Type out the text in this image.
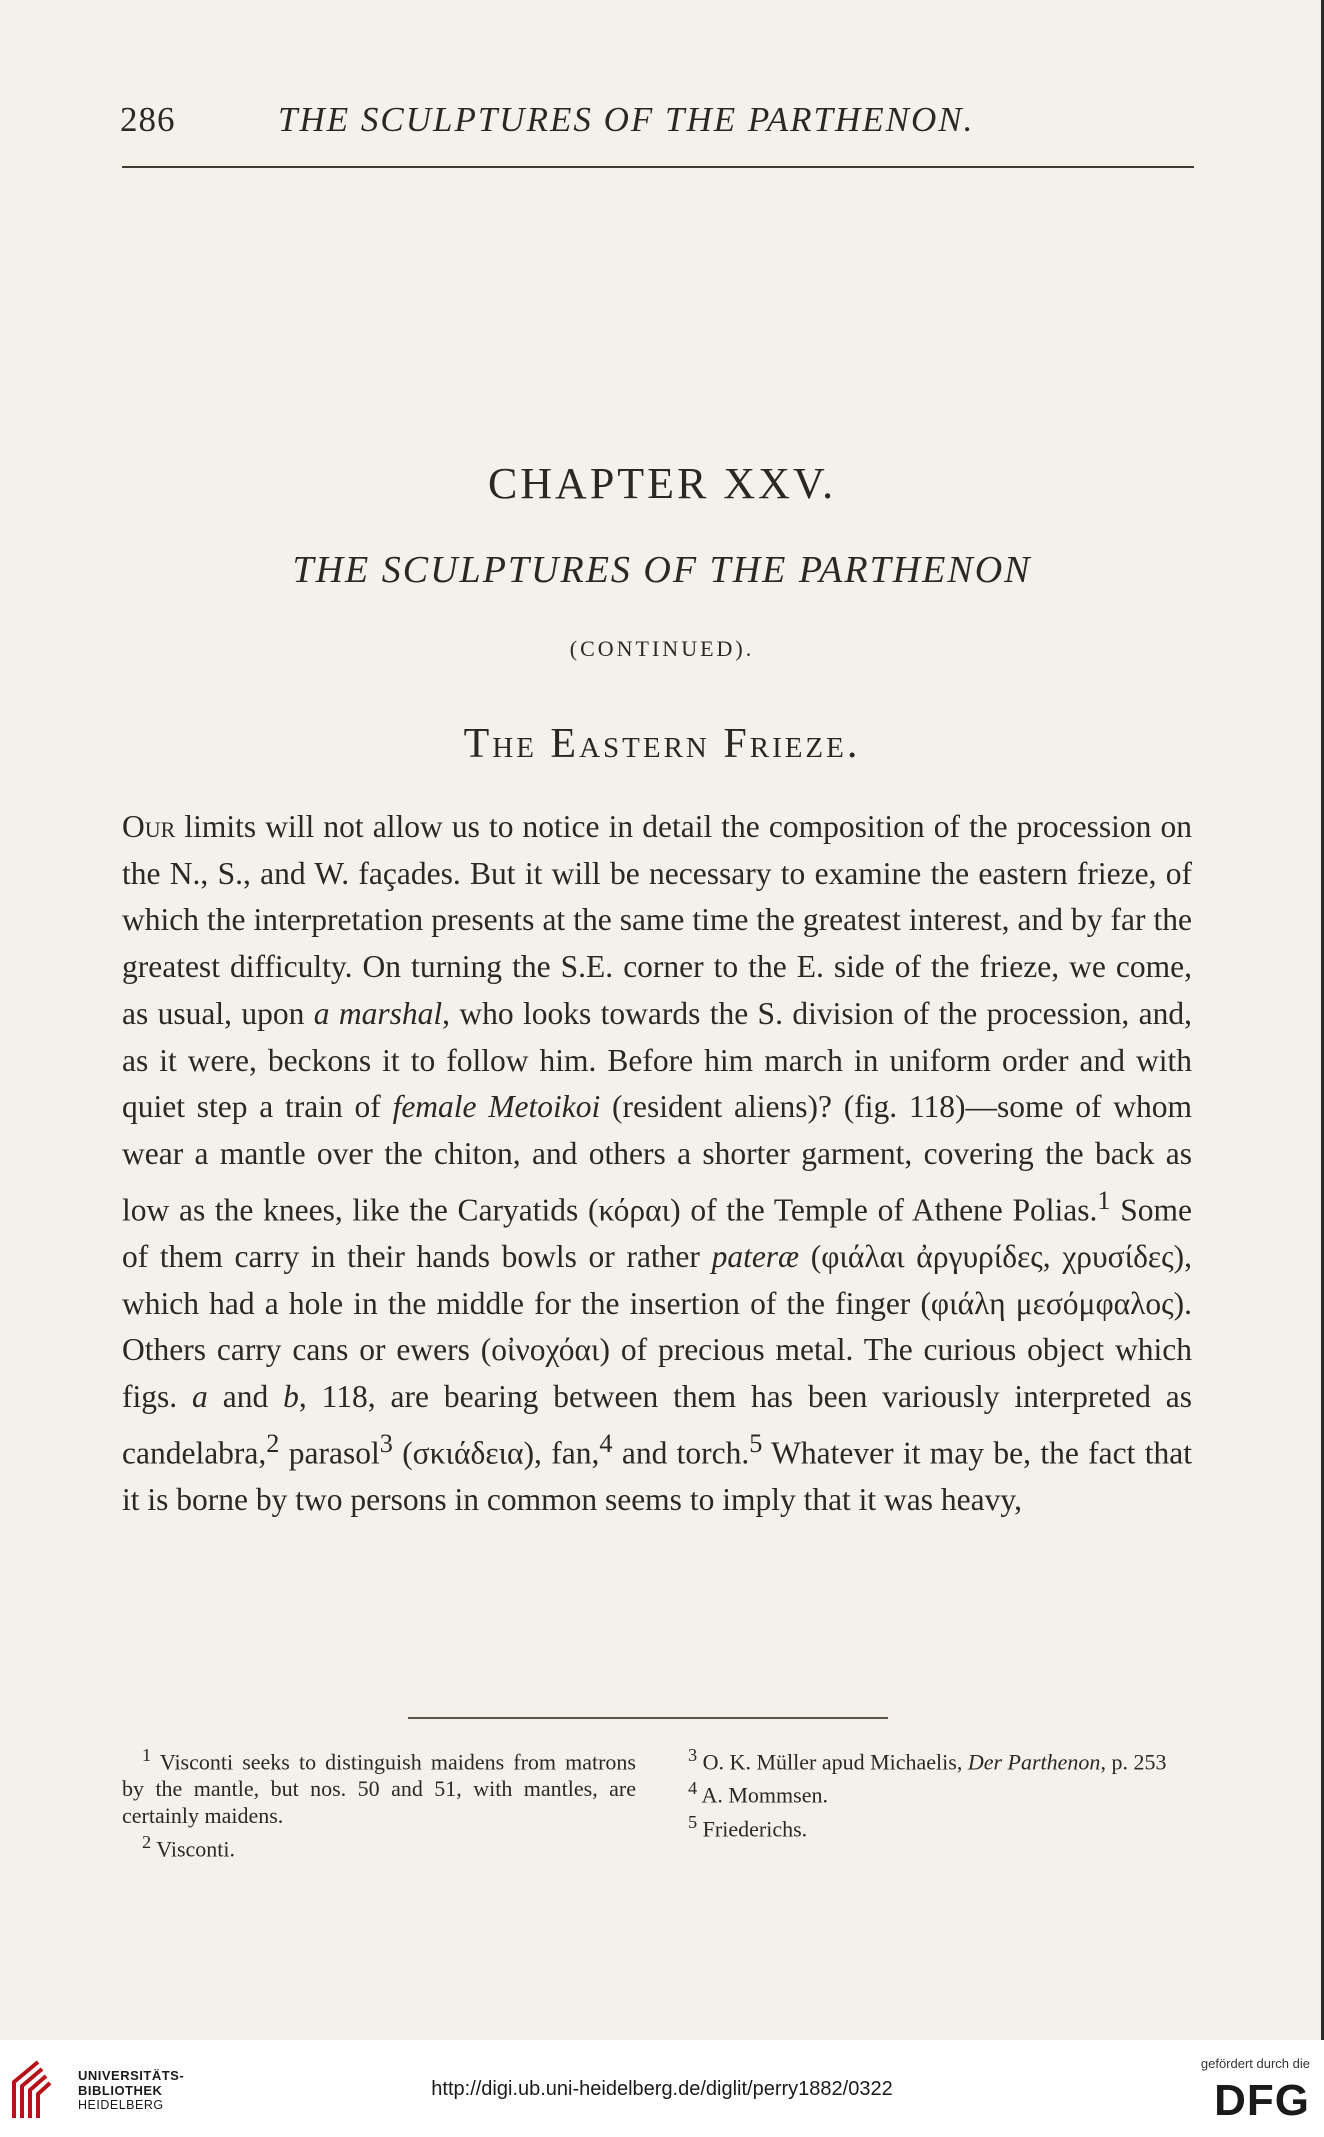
286	THE SCULPTURES OF THE PARTHENON.
CHAPTER XXV.
THE SCULPTURES OF THE PARTHENON
(CONTINUED).
The Eastern Frieze.

Our limits will not allow us to notice in detail the composition of the procession on the N., S., and W. façades. But it will be necessary to examine the eastern frieze, of which the interpretation presents at the same time the greatest interest, and by far the greatest difficulty. On turning the S.E. corner to the E. side of the frieze, we come, as usual, upon a marshal, who looks towards the S. division of the procession, and, as it were, beckons it to follow him. Before him march in uniform order and with quiet step a train of female Metoikoi (resident aliens)? (fig. 118)—some of whom wear a mantle over the chiton, and others a shorter garment, covering the back as low as the knees, like the Caryatids (κόραι) of the Temple of Athene Polias.$^1$ Some of them carry in their hands bowls or rather pateræ (φιάλαι ἀργυρίδες, χρυσίδες), which had a hole in the middle for the insertion of the finger (φιάλη μεσόμφαλος). Others carry cans or ewers (οἰνοχόαι) of precious metal. The curious object which figs. a and b, 118, are bearing between them has been variously interpreted as candelabra,$^2$ parasol$^3$ (σκιάδεια), fan,$^4$ and torch.$^5$ Whatever it may be, the fact that it is borne by two persons in common seems to imply that it was heavy,

$^1$ Visconti seeks to distinguish maidens from matrons by the mantle, but nos. 50 and 51, with mantles, are certainly maidens.

$^2$ Visconti.

$^3$ O. K. Müller apud Michaelis, Der Parthenon, p. 253

$^4$ A. Mommsen.

$^5$ Friederichs.

UNIVERSITÄTS-
BIBLIOTHEK
HEIDELBERG
http://digi.ub.uni-heidelberg.de/diglit/perry1882/0322
gefördert durch die
DFG
